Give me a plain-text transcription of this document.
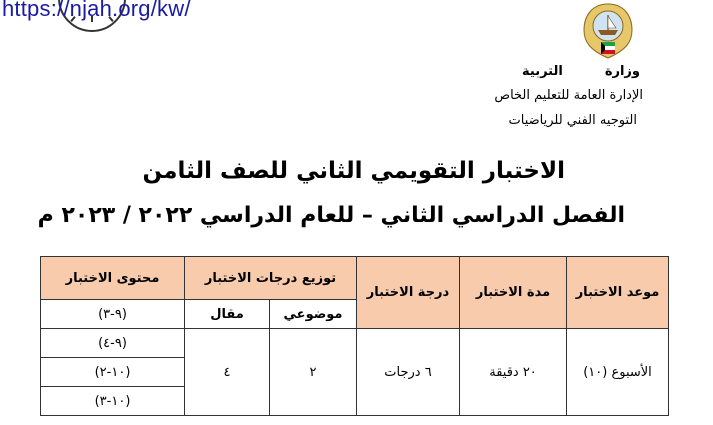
https://njah.org/kw/
وزارةالتربية
الإدارة العامة للتعليم الخاص
التوجيه الفني للرياضيات
الاختبار التقويمي الثاني للصف الثامن
الفصل الدراسي الثاني – للعام الدراسي ٢٠٢٢ / ٢٠٢٣ م
موعد الاختبار	مدة الاختبار	درجة الاختبار	توزيع درجات الاختبار		محتوى الاختبار
			موضوعي	مقال	(٩-٣)
الأسبوع (١٠)	٢٠ دقيقة	٦ درجات	٢	٤	(٩-٤)
					(١٠-٢)
					(١٠-٣)
